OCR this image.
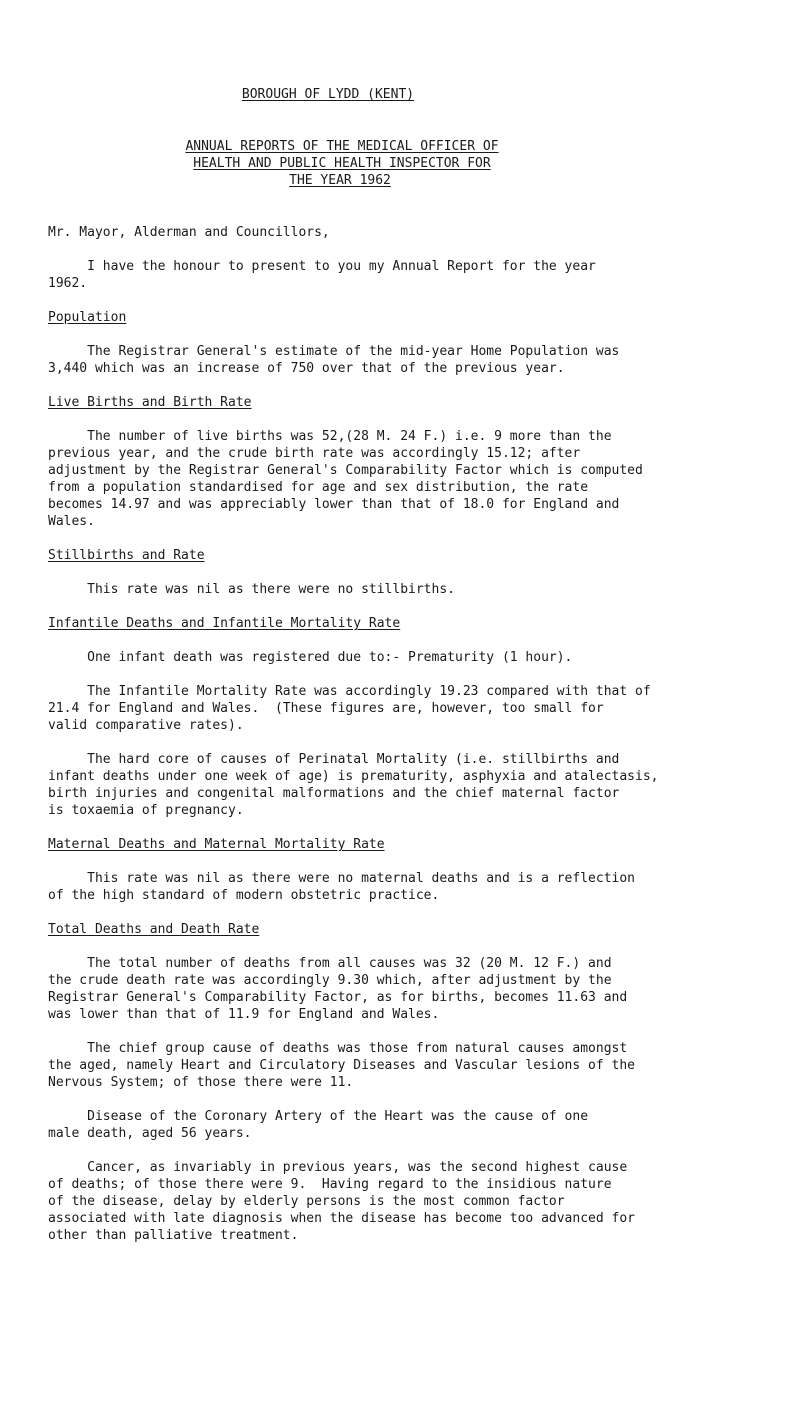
BOROUGH OF LYDD (KENT)
ANNUAL REPORTS OF THE MEDICAL OFFICER OF
HEALTH AND PUBLIC HEALTH INSPECTOR FOR
THE YEAR 1962
Mr. Mayor, Alderman and Councillors,
I have the honour to present to you my Annual Report for the year
1962.
Population
The Registrar General's estimate of the mid-year Home Population was
3,440 which was an increase of 750 over that of the previous year.
Live Births and Birth Rate
The number of live births was 52,(28 M. 24 F.) i.e. 9 more than the
previous year, and the crude birth rate was accordingly 15.12; after
adjustment by the Registrar General's Comparability Factor which is computed
from a population standardised for age and sex distribution, the rate
becomes 14.97 and was appreciably lower than that of 18.0 for England and
Wales.
Stillbirths and Rate
This rate was nil as there were no stillbirths.
Infantile Deaths and Infantile Mortality Rate
One infant death was registered due to:- Prematurity (1 hour).
The Infantile Mortality Rate was accordingly 19.23 compared with that of
21.4 for England and Wales.  (These figures are, however, too small for
valid comparative rates).
The hard core of causes of Perinatal Mortality (i.e. stillbirths and
infant deaths under one week of age) is prematurity, asphyxia and atalectasis,
birth injuries and congenital malformations and the chief maternal factor
is toxaemia of pregnancy.
Maternal Deaths and Maternal Mortality Rate
This rate was nil as there were no maternal deaths and is a reflection
of the high standard of modern obstetric practice.
Total Deaths and Death Rate
The total number of deaths from all causes was 32 (20 M. 12 F.) and
the crude death rate was accordingly 9.30 which, after adjustment by the
Registrar General's Comparability Factor, as for births, becomes 11.63 and
was lower than that of 11.9 for England and Wales.
The chief group cause of deaths was those from natural causes amongst
the aged, namely Heart and Circulatory Diseases and Vascular lesions of the
Nervous System; of those there were 11.
Disease of the Coronary Artery of the Heart was the cause of one
male death, aged 56 years.
Cancer, as invariably in previous years, was the second highest cause
of deaths; of those there were 9.  Having regard to the insidious nature
of the disease, delay by elderly persons is the most common factor
associated with late diagnosis when the disease has become too advanced for
other than palliative treatment.
